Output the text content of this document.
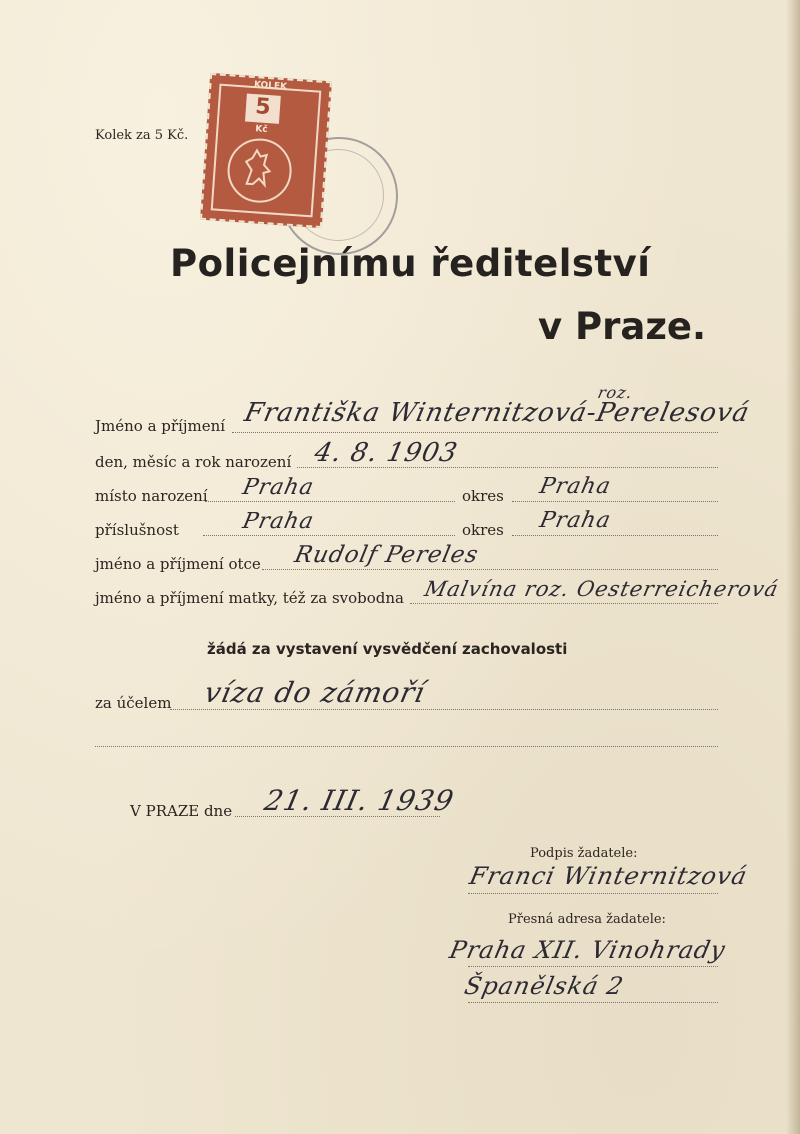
Kolek za 5 Kč.
KOLEK
5
Kč
Policejnímu ředitelství
v Praze.
Jméno a příjmení Františka Winternitzová-Perelesová
roz.
den, měsíc a rok narození 4. 8. 1903
místo narození Praha	okres Praha
příslušnost	Praha	okres Praha
jméno a příjmení otce Rudolf Pereles
jméno a příjmení matky, též za svobodna Malvína roz. Oesterreicherová
žádá za vystavení vysvědčení zachovalosti
za účelem víza do zámoří
V PRAZE dne 21. III. 1939
Podpis žadatele:
Franci Winternitzová
Přesná adresa žadatele:
Praha XII. Vinohrady
Španělská 2
